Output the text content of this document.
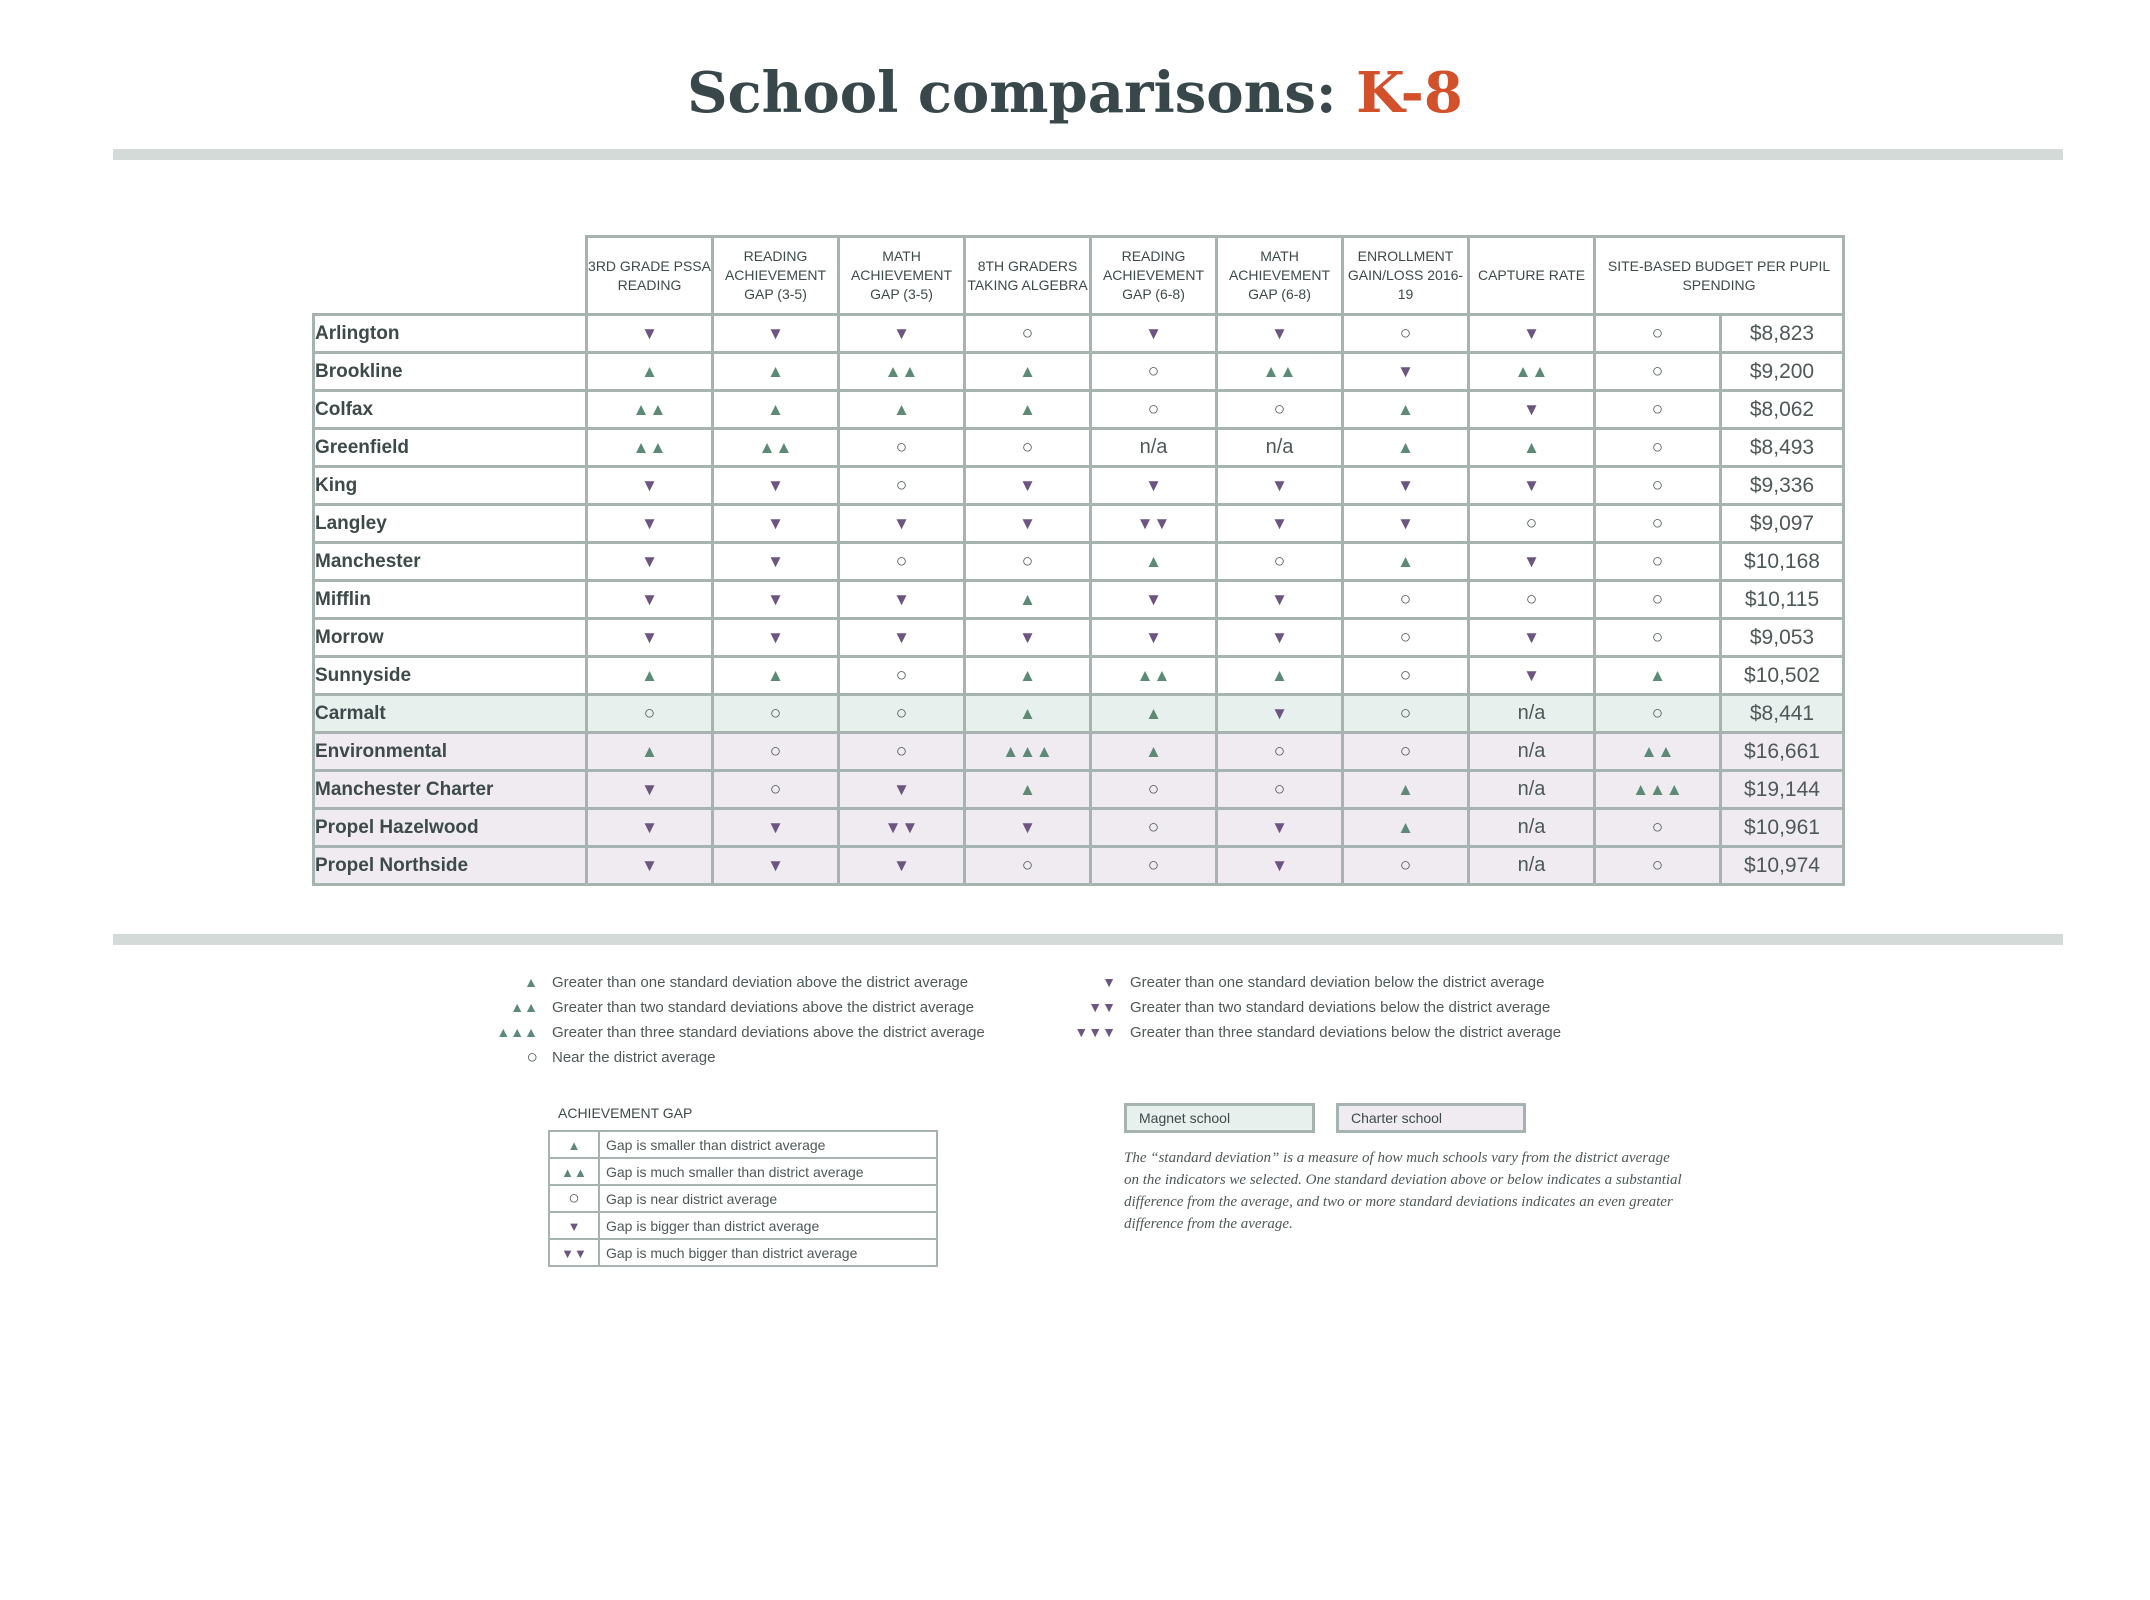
School comparisons: K-8
	3RD GRADE PSSA READING	READING ACHIEVEMENT GAP (3-5)	MATH ACHIEVEMENT GAP (3-5)	8TH GRADERS TAKING ALGEBRA	READING ACHIEVEMENT GAP (6-8)	MATH ACHIEVEMENT GAP (6-8)	ENROLLMENT GAIN/LOSS 2016-19	CAPTURE RATE	SITE-BASED BUDGET PER PUPIL SPENDING	
Arlington	▼	▼	▼	○	▼	▼	○	▼	○	$8,823
Brookline	▲	▲	▲▲	▲	○	▲▲	▼	▲▲	○	$9,200
Colfax	▲▲	▲	▲	▲	○	○	▲	▼	○	$8,062
Greenfield	▲▲	▲▲	○	○	n/a	n/a	▲	▲	○	$8,493
King	▼	▼	○	▼	▼	▼	▼	▼	○	$9,336
Langley	▼	▼	▼	▼	▼▼	▼	▼	○	○	$9,097
Manchester	▼	▼	○	○	▲	○	▲	▼	○	$10,168
Mifflin	▼	▼	▼	▲	▼	▼	○	○	○	$10,115
Morrow	▼	▼	▼	▼	▼	▼	○	▼	○	$9,053
Sunnyside	▲	▲	○	▲	▲▲	▲	○	▼	▲	$10,502
Carmalt	○	○	○	▲	▲	▼	○	n/a	○	$8,441
Environmental	▲	○	○	▲▲▲	▲	○	○	n/a	▲▲	$16,661
Manchester Charter	▼	○	▼	▲	○	○	▲	n/a	▲▲▲	$19,144
Propel Hazelwood	▼	▼	▼▼	▼	○	▼	▲	n/a	○	$10,961
Propel Northside	▼	▼	▼	○	○	▼	○	n/a	○	$10,974
▲ Greater than one standard deviation above the district average
▲▲ Greater than two standard deviations above the district average
▲▲▲ Greater than three standard deviations above the district average
○ Near the district average
▼ Greater than one standard deviation below the district average
▼▼ Greater than two standard deviations below the district average
▼▼▼ Greater than three standard deviations below the district average
ACHIEVEMENT GAP
▲	Gap is smaller than district average
▲▲	Gap is much smaller than district average
○	Gap is near district average
▼	Gap is bigger than district average
▼▼	Gap is much bigger than district average
Magnet school	Charter school
The “standard deviation” is a measure of how much schools vary from the district average on the indicators we selected. One standard deviation above or below indicates a substantial difference from the average, and two or more standard deviations indicates an even greater difference from the average.
